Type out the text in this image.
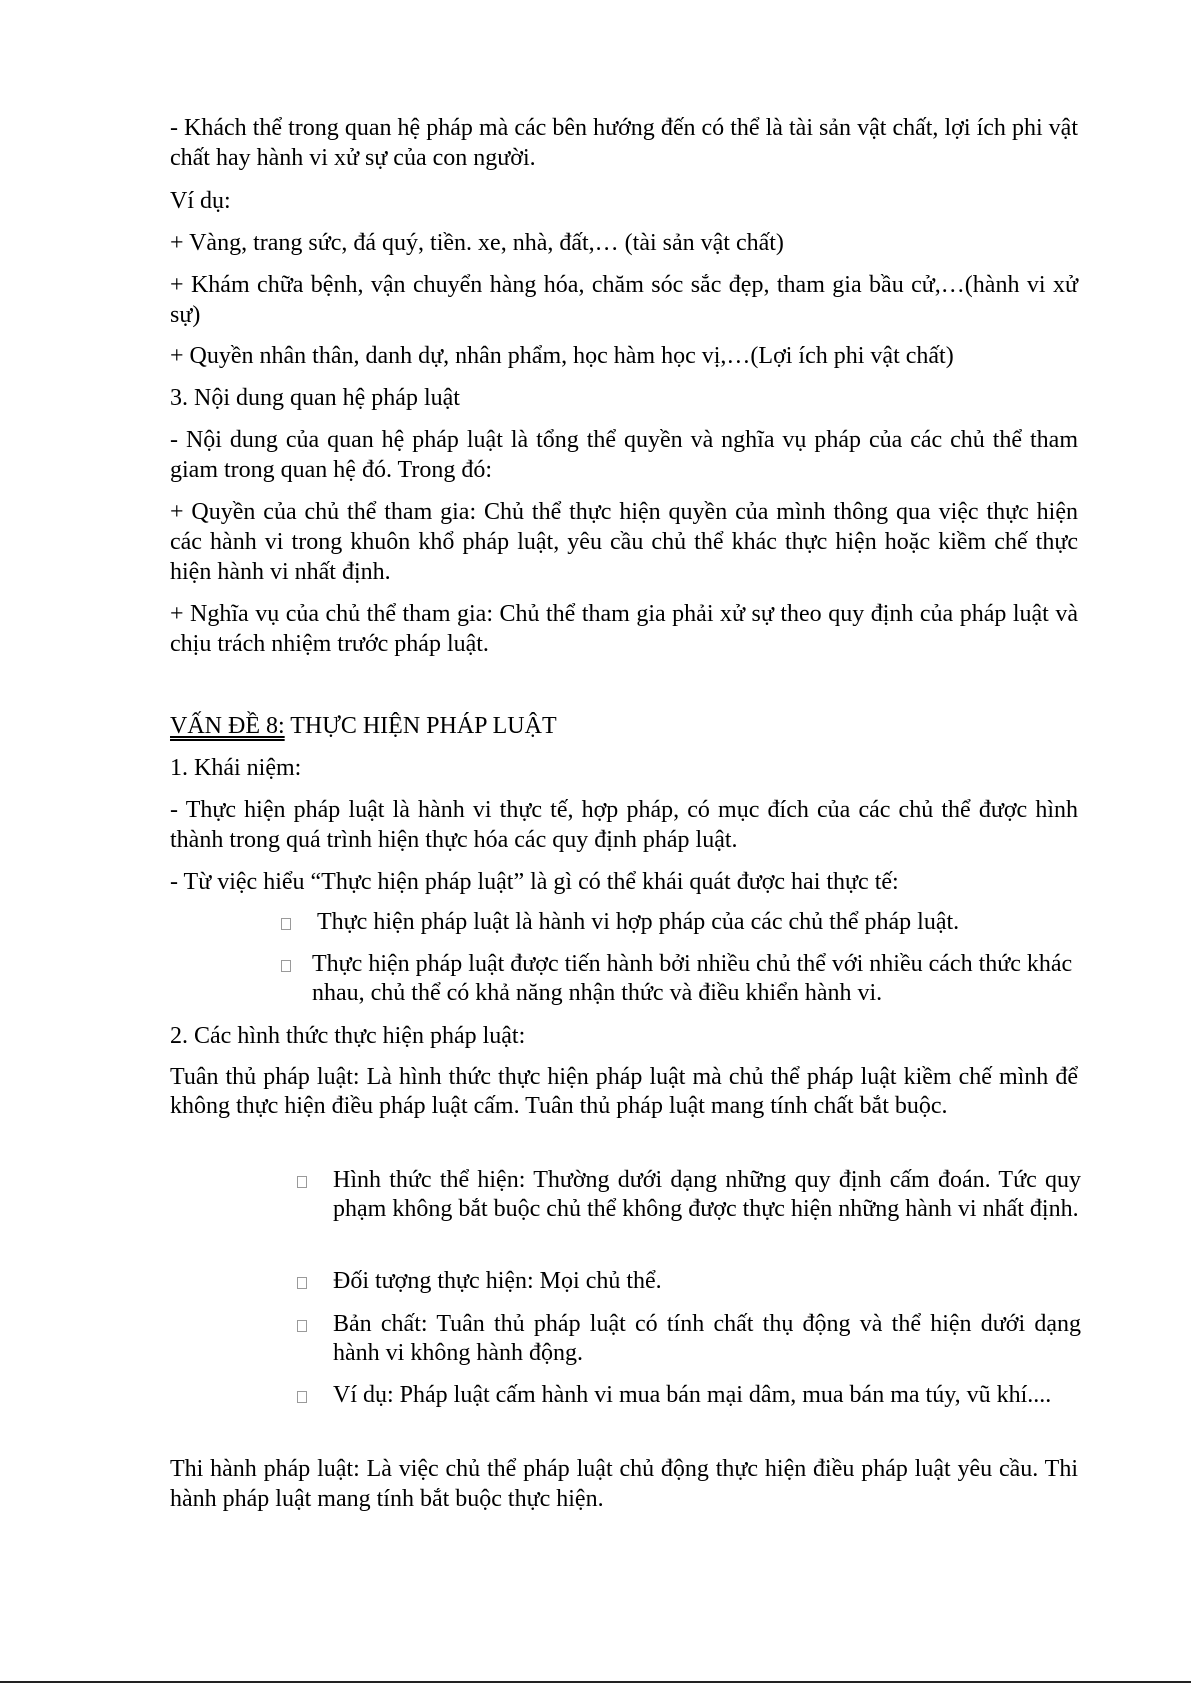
- Khách thể trong quan hệ pháp mà các bên hướng đến có thể là tài sản vật chất, lợi ích phi vật chất hay hành vi xử sự của con người.

Ví dụ:

+ Vàng, trang sức, đá quý, tiền. xe, nhà, đất,… (tài sản vật chất)

+ Khám chữa bệnh, vận chuyển hàng hóa, chăm sóc sắc đẹp, tham gia bầu cử,…(hành vi xử sự)

+ Quyền nhân thân, danh dự, nhân phẩm, học hàm học vị,…(Lợi ích phi vật chất)

3. Nội dung quan hệ pháp luật

- Nội dung của quan hệ pháp luật là tổng thể quyền và nghĩa vụ pháp của các chủ thể tham giam trong quan hệ đó. Trong đó:

+ Quyền của chủ thể tham gia: Chủ thể thực hiện quyền của mình thông qua việc thực hiện các hành vi trong khuôn khổ pháp luật, yêu cầu chủ thể khác thực hiện hoặc kiềm chế thực hiện hành vi nhất định.

+ Nghĩa vụ của chủ thể tham gia: Chủ thể tham gia phải xử sự theo quy định của pháp luật và chịu trách nhiệm trước pháp luật.

VẤN ĐỀ 8: THỰC HIỆN PHÁP LUẬT

1. Khái niệm:

- Thực hiện pháp luật là hành vi thực tế, hợp pháp, có mục đích của các chủ thể được hình thành trong quá trình hiện thực hóa các quy định pháp luật.

- Từ việc hiểu “Thực hiện pháp luật” là gì có thể khái quát được hai thực tế:

Thực hiện pháp luật là hành vi hợp pháp của các chủ thể pháp luật.
Thực hiện pháp luật được tiến hành bởi nhiều chủ thể với nhiều cách thức khác nhau, chủ thể có khả năng nhận thức và điều khiển hành vi.

2. Các hình thức thực hiện pháp luật:

Tuân thủ pháp luật: Là hình thức thực hiện pháp luật mà chủ thể pháp luật kiềm chế mình để không thực hiện điều pháp luật cấm. Tuân thủ pháp luật mang tính chất bắt buộc.

Hình thức thể hiện: Thường dưới dạng những quy định cấm đoán. Tức quy phạm không bắt buộc chủ thể không được thực hiện những hành vi nhất định.
Đối tượng thực hiện: Mọi chủ thể.
Bản chất: Tuân thủ pháp luật có tính chất thụ động và thể hiện dưới dạng hành vi không hành động.
Ví dụ: Pháp luật cấm hành vi mua bán mại dâm, mua bán ma túy, vũ khí....

Thi hành pháp luật: Là việc chủ thể pháp luật chủ động thực hiện điều pháp luật yêu cầu. Thi hành pháp luật mang tính bắt buộc thực hiện.
